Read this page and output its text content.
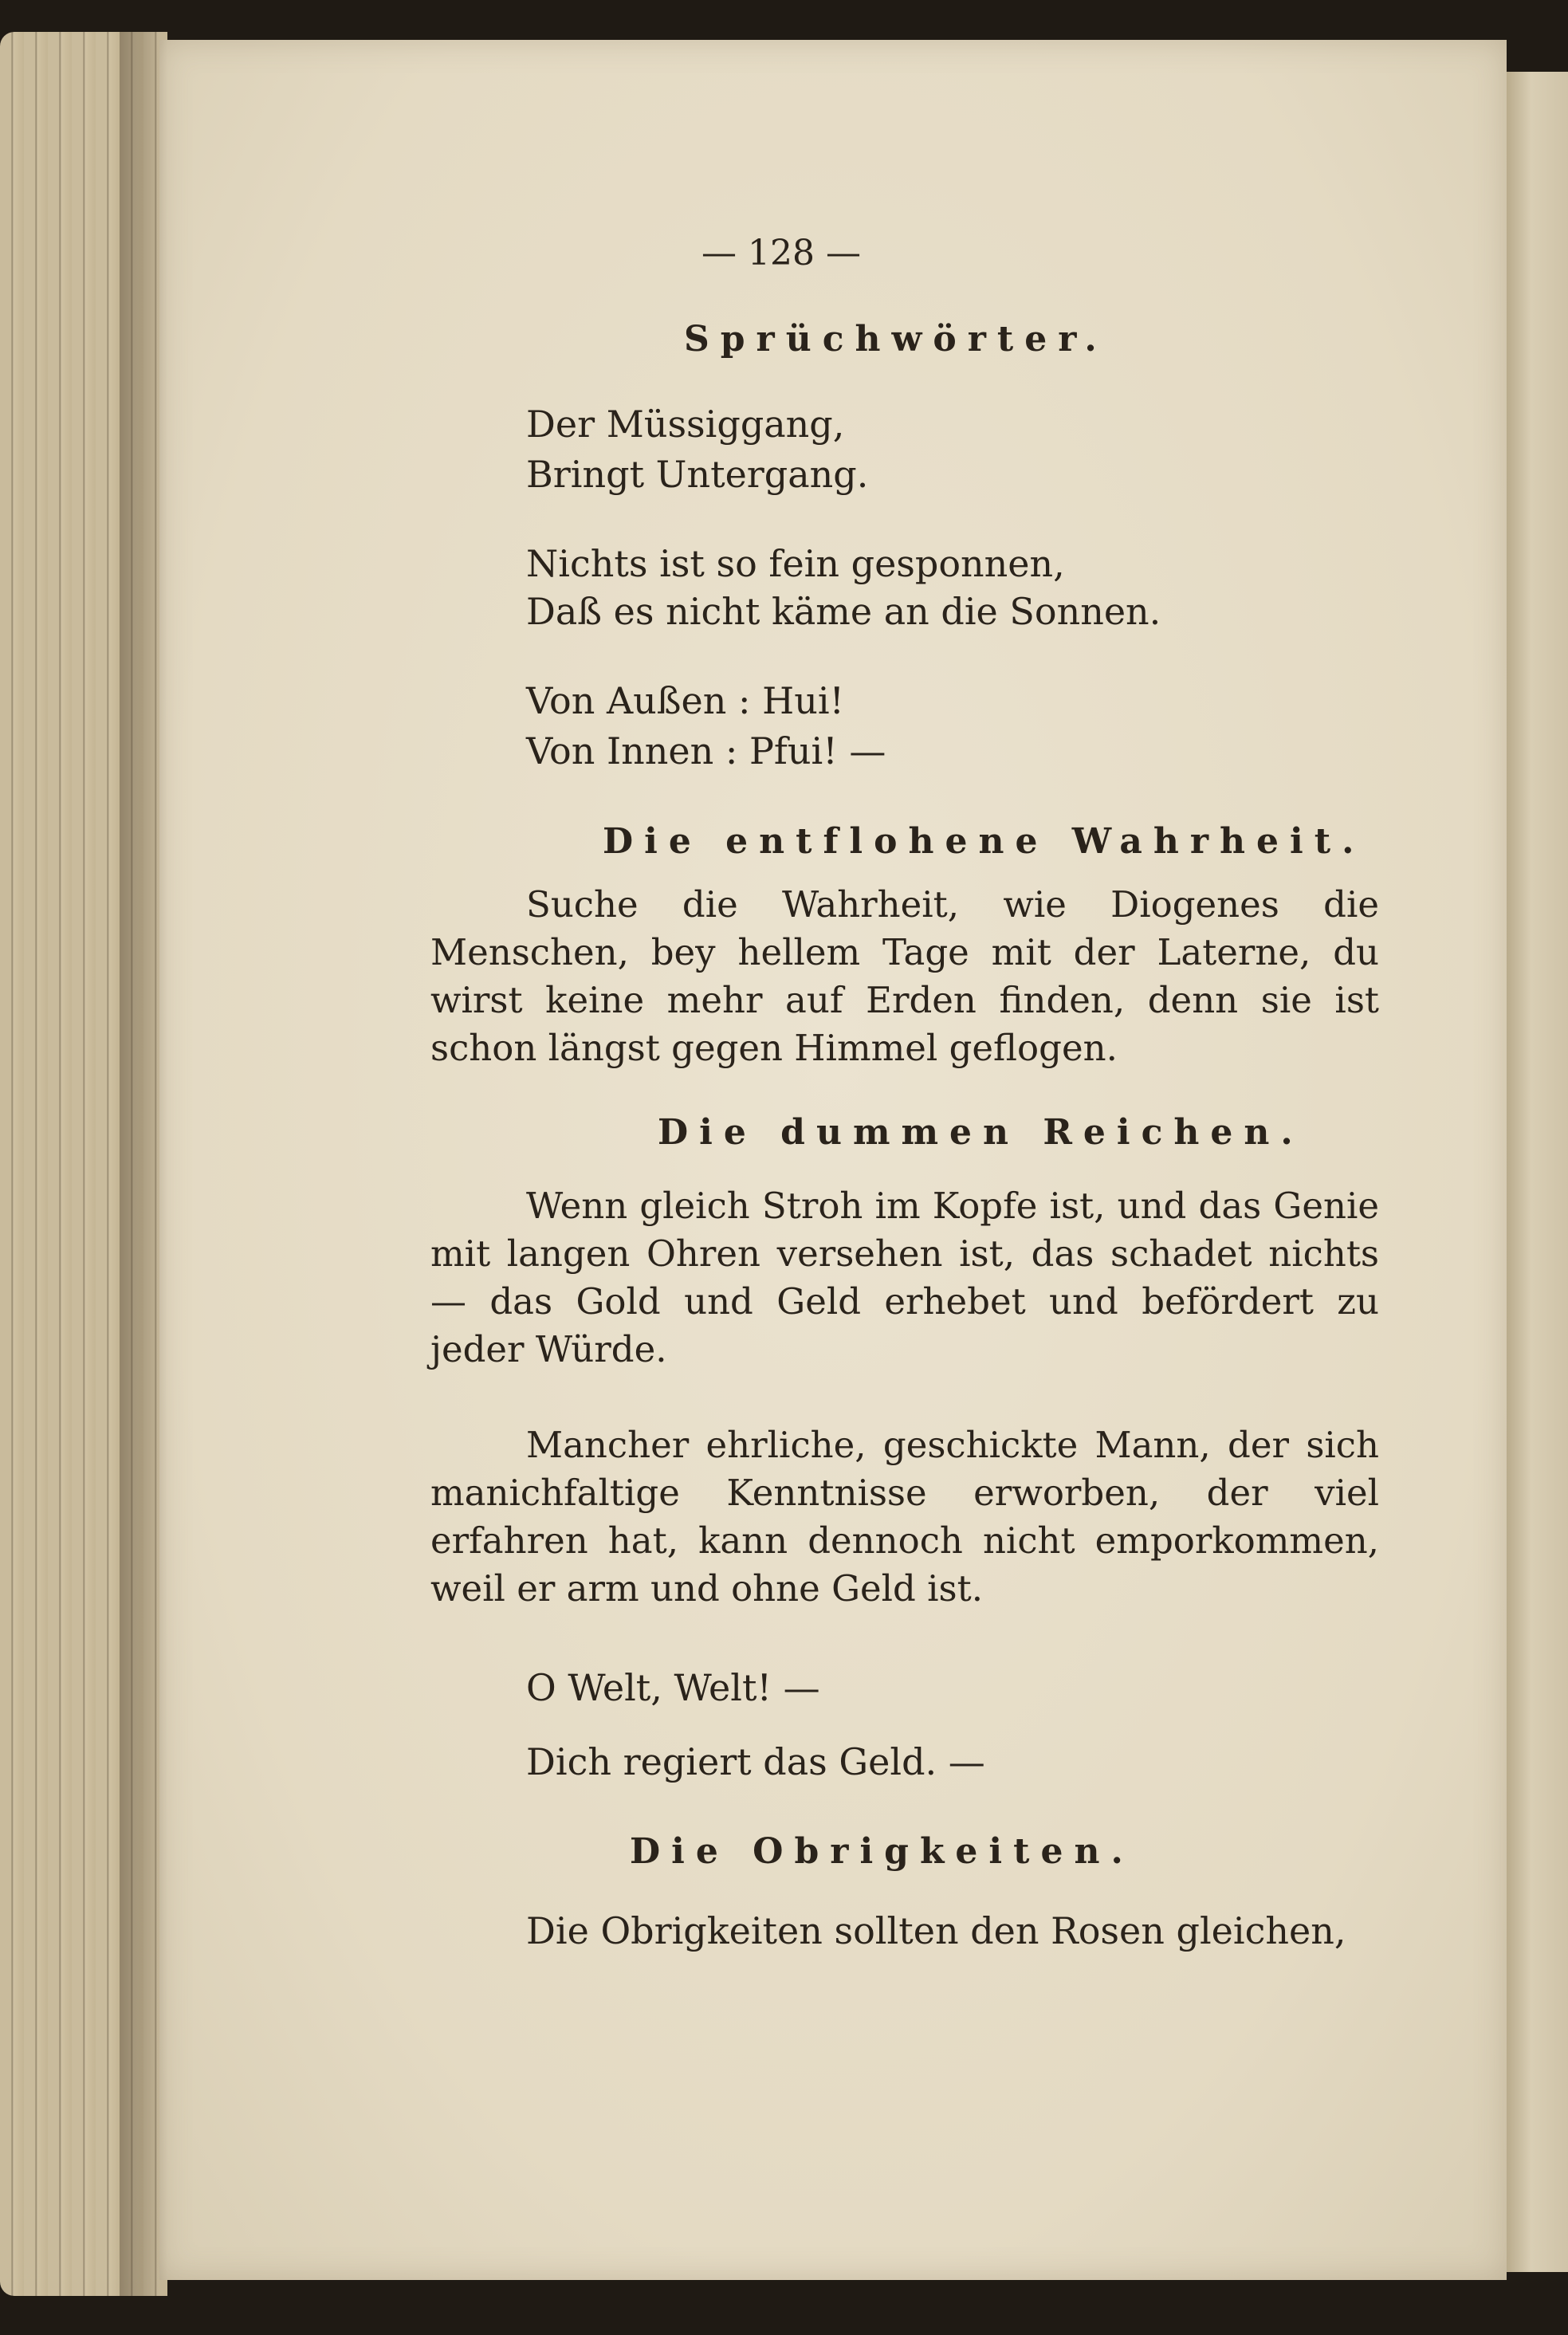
— 128 —
Sprüchwörter.
Der Müssiggang,
Bringt Untergang.
Nichts ist so fein gesponnen,
Daß es nicht käme an die Sonnen.
Von Außen : Hui!
Von Innen : Pfui! —
Die entflohene Wahrheit.
Suche die Wahrheit, wie Diogenes die Menschen, bey hellem Tage mit der Laterne, du wirst keine mehr auf Erden finden, denn sie ist schon längst gegen Himmel geflogen.
Die dummen Reichen.
Wenn gleich Stroh im Kopfe ist, und das Genie mit langen Ohren versehen ist, das schadet nichts — das Gold und Geld erhebet und befördert zu jeder Würde.
Mancher ehrliche, geschickte Mann, der sich manichfaltige Kenntnisse erworben, der viel erfahren hat, kann dennoch nicht emporkommen, weil er arm und ohne Geld ist.
O Welt, Welt! —
Dich regiert das Geld. —
Die Obrigkeiten.
Die Obrigkeiten sollten den Rosen gleichen,
